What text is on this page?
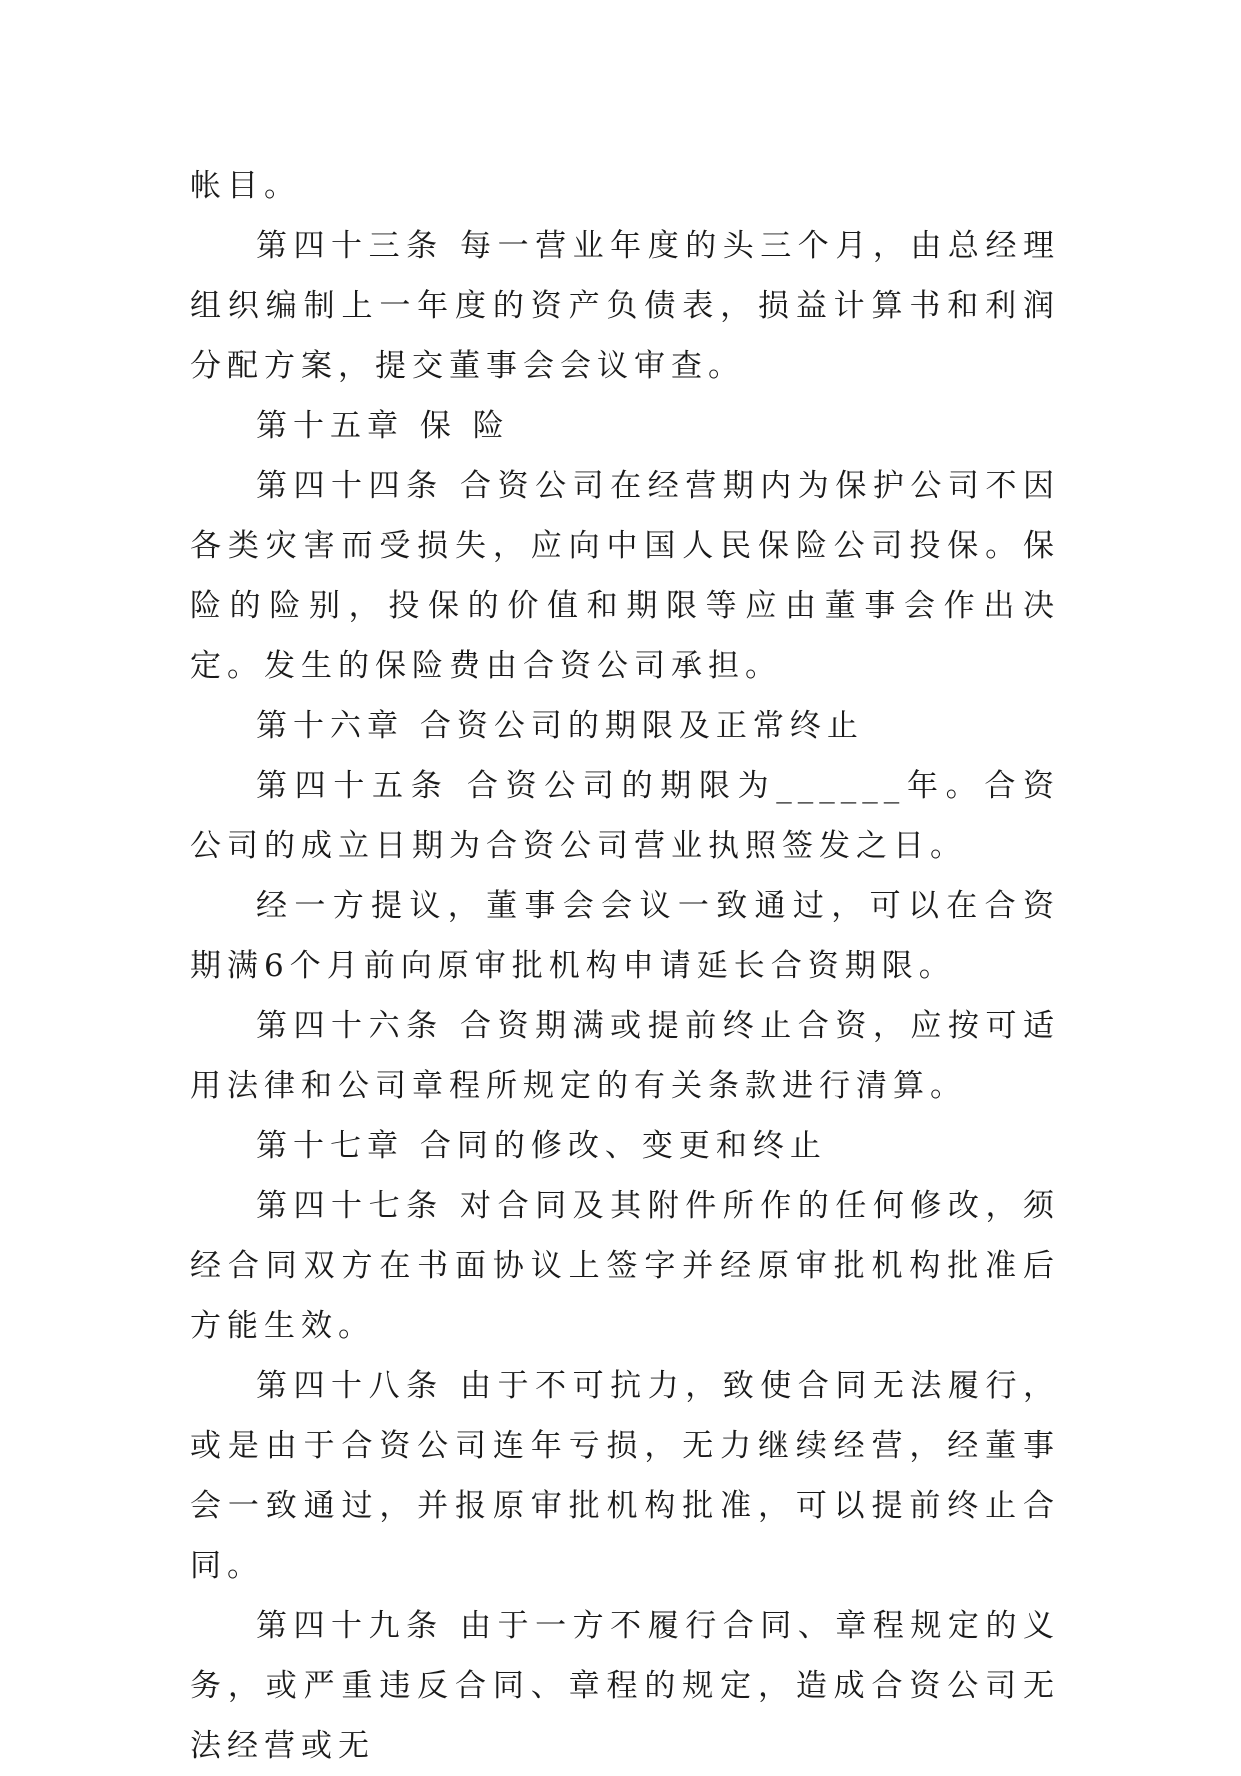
帐目。

第四十三条 每一营业年度的头三个月，由总经理组织编制上一年度的资产负债表，损益计算书和利润分配方案，提交董事会会议审查。

第十五章 保 险

第四十四条 合资公司在经营期内为保护公司不因各类灾害而受损失，应向中国人民保险公司投保。保险的险别，投保的价值和期限等应由董事会作出决定。发生的保险费由合资公司承担。

第十六章 合资公司的期限及正常终止

第四十五条 合资公司的期限为______年。合资公司的成立日期为合资公司营业执照签发之日。

经一方提议，董事会会议一致通过，可以在合资期满6个月前向原审批机构申请延长合资期限。

第四十六条 合资期满或提前终止合资，应按可适用法律和公司章程所规定的有关条款进行清算。

第十七章 合同的修改、变更和终止

第四十七条 对合同及其附件所作的任何修改，须经合同双方在书面协议上签字并经原审批机构批准后方能生效。

第四十八条 由于不可抗力，致使合同无法履行，或是由于合资公司连年亏损，无力继续经营，经董事会一致通过，并报原审批机构批准，可以提前终止合同。

第四十九条 由于一方不履行合同、章程规定的义务，或严重违反合同、章程的规定，造成合资公司无法经营或无
